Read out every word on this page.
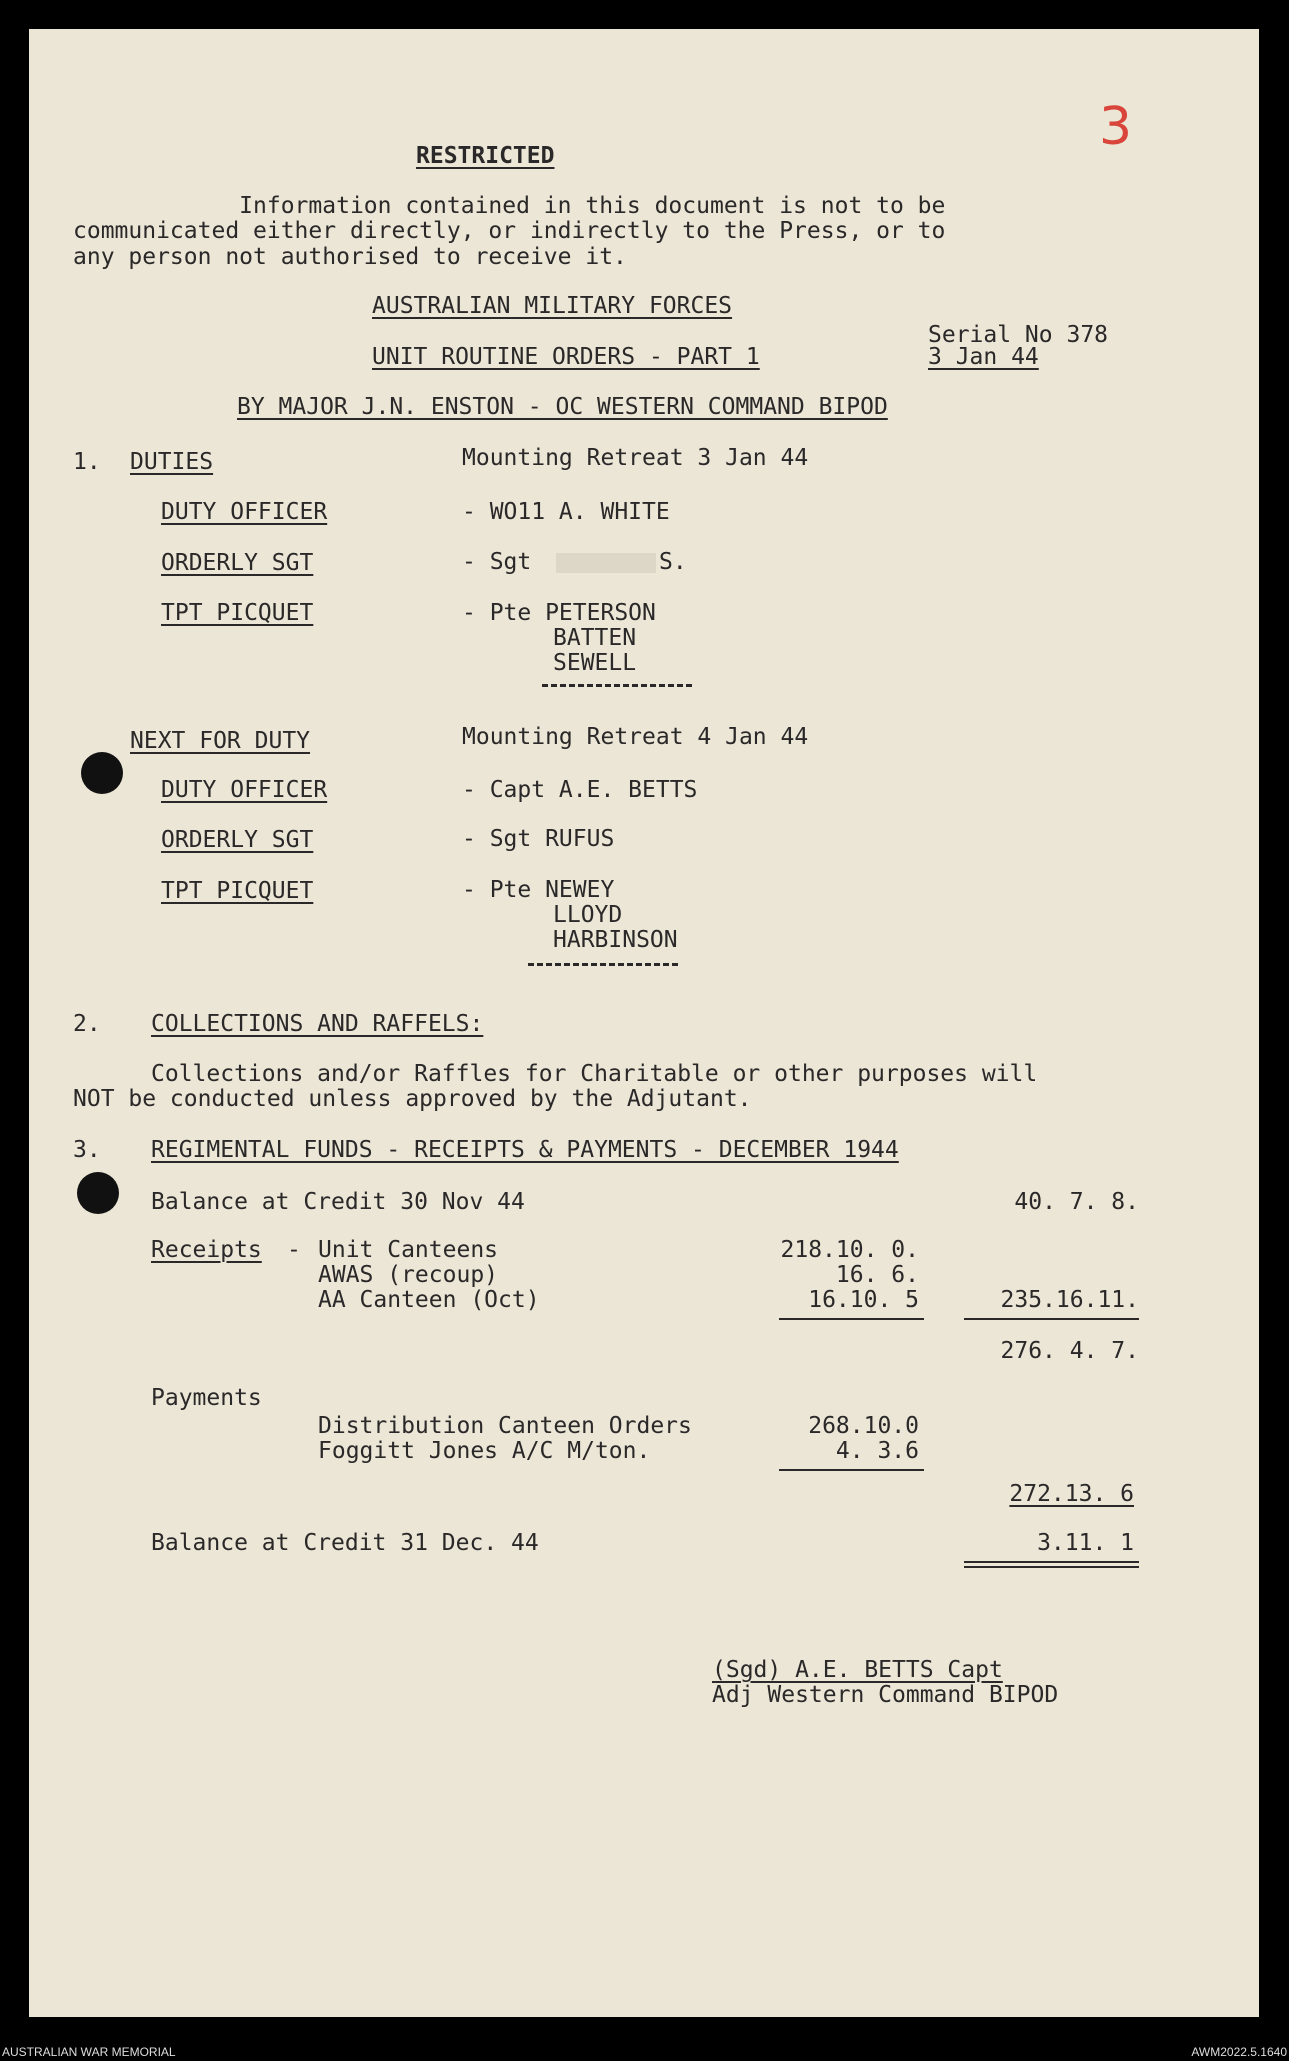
3
RESTRICTED
Information contained in this document is not to be
communicated either directly, or indirectly to the Press, or to
any person not authorised to receive it.
AUSTRALIAN MILITARY FORCES
UNIT ROUTINE ORDERS - PART 1
Serial No 378
3 Jan 44
BY MAJOR J.N. ENSTON - OC WESTERN COMMAND BIPOD
1. DUTIES	Mounting Retreat 3 Jan 44
DUTY OFFICER	- WO11 A. WHITE
ORDERLY SGT	- Sgt	S.
TPT PICQUET	- Pte PETERSON
BATTEN
SEWELL
NEXT FOR DUTY	Mounting Retreat 4 Jan 44
DUTY OFFICER	- Capt A.E. BETTS
ORDERLY SGT	- Sgt RUFUS
TPT PICQUET	- Pte NEWEY
LLOYD
HARBINSON
2. COLLECTIONS AND RAFFELS:
Collections and/or Raffles for Charitable or other purposes will
NOT be conducted unless approved by the Adjutant.
3. REGIMENTAL FUNDS - RECEIPTS & PAYMENTS - DECEMBER 1944
Balance at Credit 30 Nov 44	40. 7. 8.
Receipts - Unit Canteens	218.10. 0.
AWAS (recoup)	16. 6.
AA Canteen (Oct)	16.10. 5	235.16.11.
276. 4. 7.
Payments
Distribution Canteen Orders	268.10.0
Foggitt Jones A/C M/ton.	4. 3.6
272.13. 6
Balance at Credit 31 Dec. 44	3.11. 1
(Sgd) A.E. BETTS Capt
Adj Western Command BIPOD
AUSTRALIAN WAR MEMORIAL	AWM2022.5.1640
